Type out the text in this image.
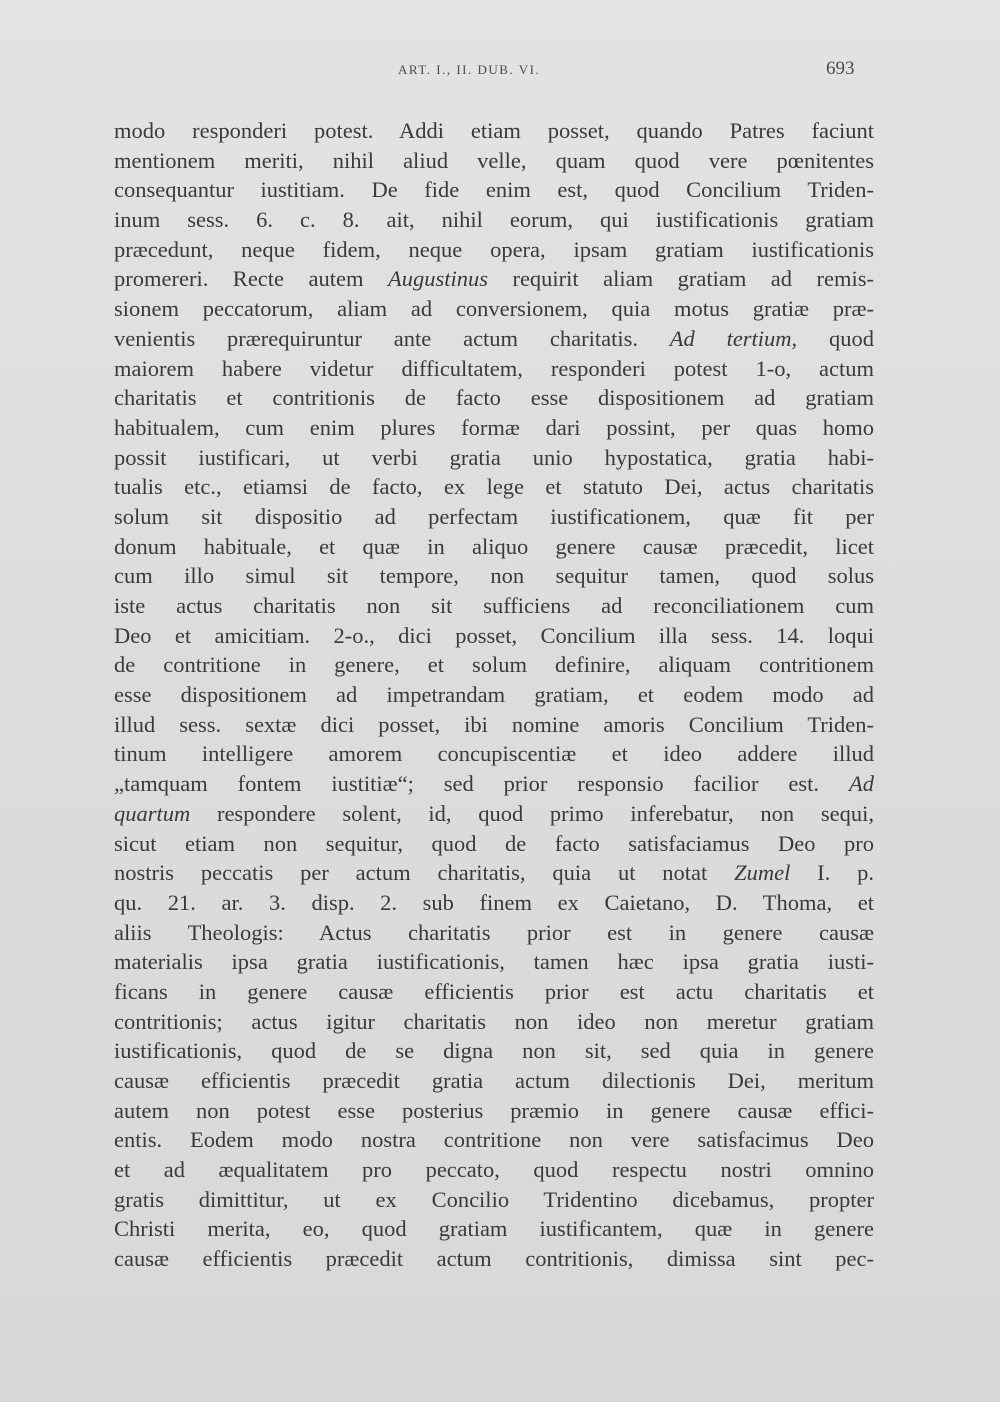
ART. I., II. DUB. VI.	693
modo responderi potest. Addi etiam posset, quando Patres faciunt
mentionem meriti, nihil aliud velle, quam quod vere pœnitentes
consequantur iustitiam. De fide enim est, quod Concilium Triden-
inum sess. 6. c. 8. ait, nihil eorum, qui iustificationis gratiam
præcedunt, neque fidem, neque opera, ipsam gratiam iustificationis
promereri. Recte autem Augustinus requirit aliam gratiam ad remis-
sionem peccatorum, aliam ad conversionem, quia motus gratiæ præ-
venientis prærequiruntur ante actum charitatis. Ad tertium, quod
maiorem habere videtur difficultatem, responderi potest 1-o, actum
charitatis et contritionis de facto esse dispositionem ad gratiam
habitualem, cum enim plures formæ dari possint, per quas homo
possit iustificari, ut verbi gratia unio hypostatica, gratia habi-
tualis etc., etiamsi de facto, ex lege et statuto Dei, actus charitatis
solum sit dispositio ad perfectam iustificationem, quæ fit per
donum habituale, et quæ in aliquo genere causæ præcedit, licet
cum illo simul sit tempore, non sequitur tamen, quod solus
iste actus charitatis non sit sufficiens ad reconciliationem cum
Deo et amicitiam. 2-o., dici posset, Concilium illa sess. 14. loqui
de contritione in genere, et solum definire, aliquam contritionem
esse dispositionem ad impetrandam gratiam, et eodem modo ad
illud sess. sextæ dici posset, ibi nomine amoris Concilium Triden-
tinum intelligere amorem concupiscentiæ et ideo addere illud
„tamquam fontem iustitiæ“; sed prior responsio facilior est. Ad
quartum respondere solent, id, quod primo inferebatur, non sequi,
sicut etiam non sequitur, quod de facto satisfaciamus Deo pro
nostris peccatis per actum charitatis, quia ut notat Zumel I. p.
qu. 21. ar. 3. disp. 2. sub finem ex Caietano, D. Thoma, et
aliis Theologis: Actus charitatis prior est in genere causæ
materialis ipsa gratia iustificationis, tamen hæc ipsa gratia iusti-
ficans in genere causæ efficientis prior est actu charitatis et
contritionis; actus igitur charitatis non ideo non meretur gratiam
iustificationis, quod de se digna non sit, sed quia in genere
causæ efficientis præcedit gratia actum dilectionis Dei, meritum
autem non potest esse posterius præmio in genere causæ effici-
entis. Eodem modo nostra contritione non vere satisfacimus Deo
et ad æqualitatem pro peccato, quod respectu nostri omnino
gratis dimittitur, ut ex Concilio Tridentino dicebamus, propter
Christi merita, eo, quod gratiam iustificantem, quæ in genere
causæ efficientis præcedit actum contritionis, dimissa sint pec-
